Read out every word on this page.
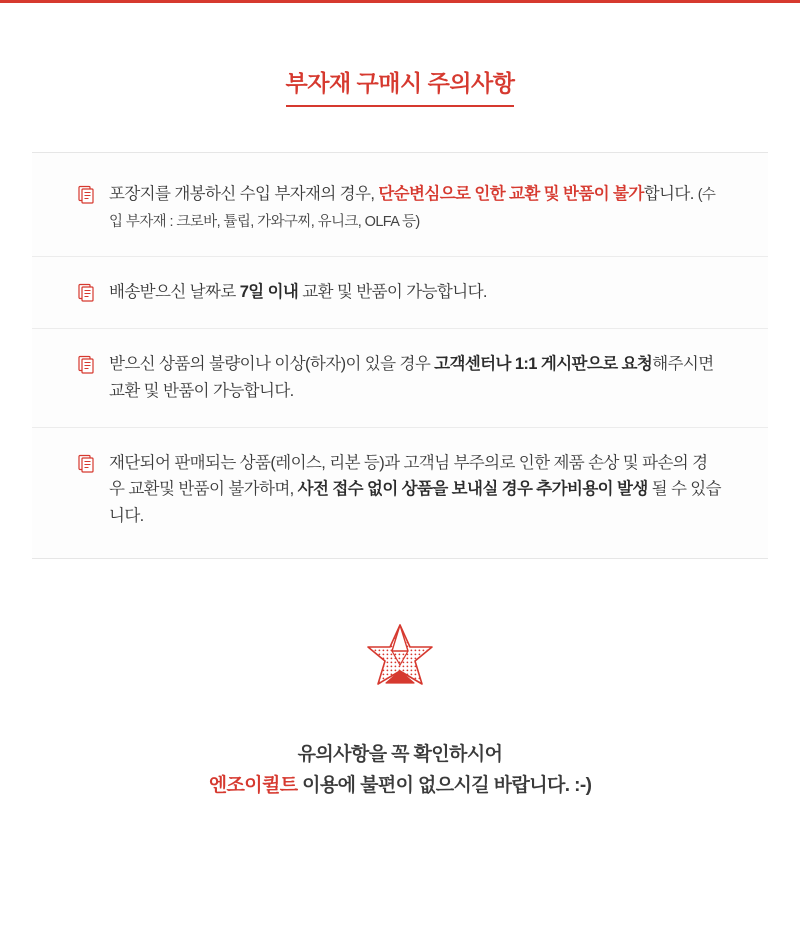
부자재 구매시 주의사항
포장지를 개봉하신 수입 부자재의 경우, 단순변심으로 인한 교환 및 반품이 불가합니다. (수입 부자재 : 크로바, 튤립, 가와구찌, 유니크, OLFA 등)
배송받으신 날짜로 7일 이내 교환 및 반품이 가능합니다.
받으신 상품의 불량이나 이상(하자)이 있을 경우 고객센터나 1:1 게시판으로 요청해주시면 교환 및 반품이 가능합니다.
재단되어 판매되는 상품(레이스, 리본 등)과 고객님 부주의로 인한 제품 손상 및 파손의 경우 교환및 반품이 불가하며, 사전 접수 없이 상품을 보내실 경우 추가비용이 발생 될 수 있습니다.
유의사항을 꼭 확인하시어
엔조이퀼트 이용에 불편이 없으시길 바랍니다. :-)
